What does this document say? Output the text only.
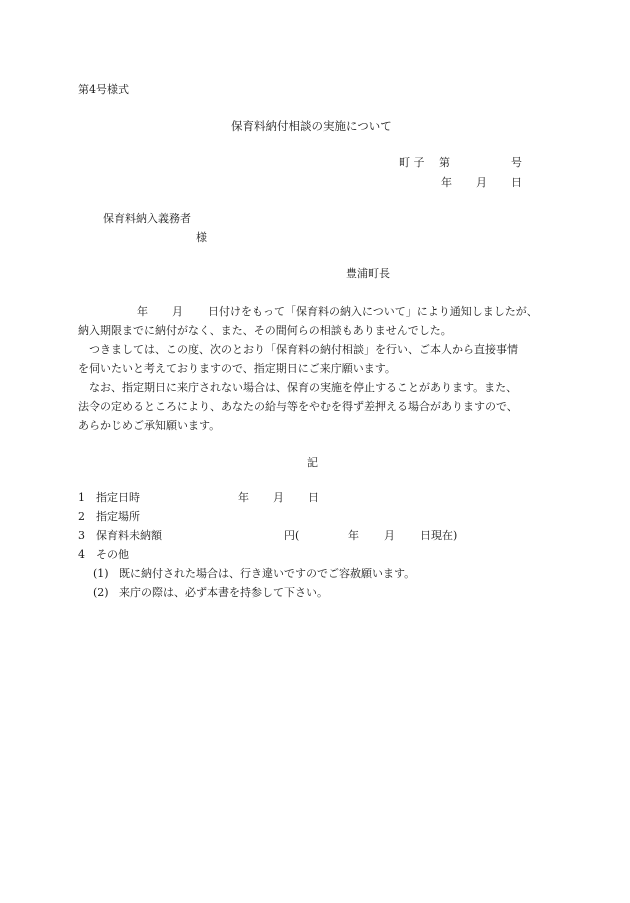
第4号様式
保育料納付相談の実施について
町 子 第	号
年 月 日
保育料納入義務者
様
豊浦町長
年 月 日付けをもって「保育料の納入について」により通知しましたが、
納入期限までに納付がなく、また、その間何らの相談もありませんでした。
つきましては、この度、次のとおり「保育料の納付相談」を行い、ご本人から直接事情
を伺いたいと考えておりますので、指定期日にご来庁願います。
なお、指定期日に来庁されない場合は、保育の実施を停止することがあります。また、
法令の定めるところにより、あなたの給与等をやむを得ず差押える場合がありますので、
あらかじめご承知願います。
記
1 指定日時	年 月 日
2 指定場所
3 保育料未納額	円(	年 月 日現在)
4 その他
(1) 既に納付された場合は、行き違いですのでご容赦願います。
(2) 来庁の際は、必ず本書を持参して下さい。
